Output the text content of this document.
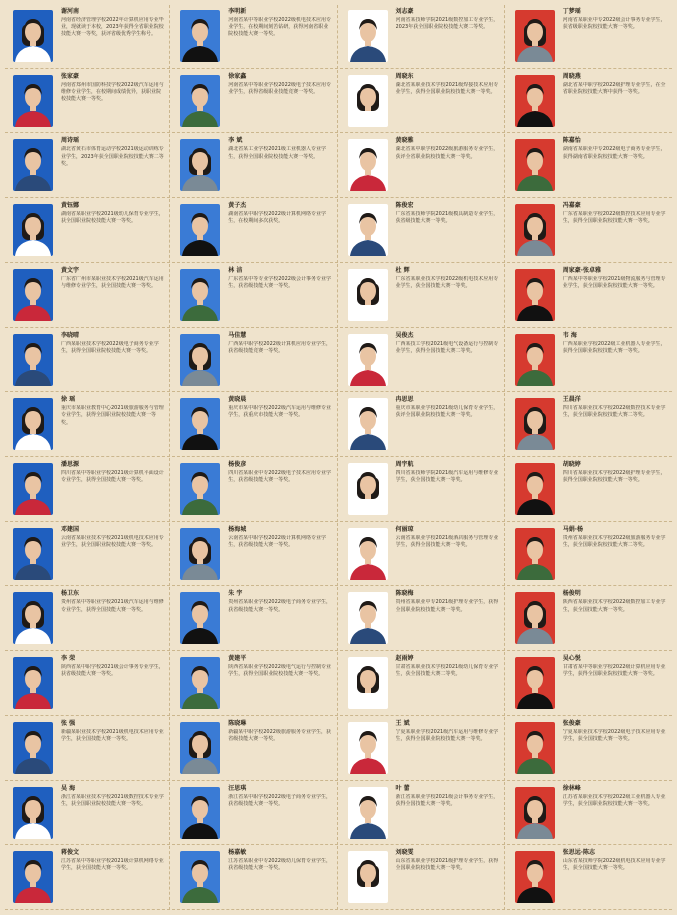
谢河南
河南省经济管理学校2022年计算机应用专业毕业，现就读于本校，2023年获得全省职业院校技能大赛一等奖，获评省级优秀学生称号。
李明新
河南省某中等职业学校2022级机电技术应用专业学生，在校期间刻苦钻研，获得河南省职业院校技能大赛一等奖。
刘志豪
河南省某技师学院2021级数控加工专业学生，2023年获全国职业院校技能大赛二等奖。
丁梦瑶
河南省某职业中专2022级会计事务专业学生，获省级职业院校技能大赛一等奖。
张家豪
河南省郑州市国防科技学校2022级汽车运用与维修专业学生，在校期间成绩优异，获职业院校技能大赛一等奖。
徐家鑫
河南省某中等职业学校2022级电子技术应用专业学生，获得省级职业技能竞赛一等奖。
周晓东
湖北省某职业技术学校2021级焊接技术应用专业学生，获得全国职业院校技能大赛一等奖。
周晓燕
湖北省某中职学校2022级护理专业学生，在全省职业院校技能大赛中获得一等奖。
周诗瑶
湖北省黄石市体育运动学校2021级运动训练专业学生，2023年获全国职业院校技能大赛二等奖。
李 斌
湖北省某工业学校2021级工业机器人专业学生，获得全国职业院校技能大赛一等奖。
黄晓雅
湖北省某中职学校2022级旅游服务专业学生，获评全省职业院校技能大赛一等奖。
陈嘉怡
湖南省某职业中专2022级电子商务专业学生，获得湖南省职业院校技能大赛一等奖。
黄钰娜
湖南省某职业学校2021级幼儿保育专业学生，获全国职业院校技能大赛一等奖。
黄子杰
湖南省某中职学校2022级计算机网络专业学生，在校期间多次获奖。
陈俊宏
广东省某技师学院2021级模具制造专业学生，获省级技能大赛一等奖。
冯嘉豪
广东省某职业学校2022级数控技术应用专业学生，获得全国职业院校技能大赛一等奖。
黄文宇
广东省广州市某职业技术学校2021级汽车运用与维修专业学生，获全国技能大赛一等奖。
林 洁
广东省某中等专业学校2022级会计事务专业学生，获省级技能大赛一等奖。
杜 辉
广东省某职业技术学校2022级机电技术应用专业学生，获全国技能大赛一等奖。
周家豪·张卓雅
广西某中等职业学校2021级物流服务与管理专业学生，获全国职业院校技能大赛一等奖。
李晓晴
广西某职业技术学校2022级电子商务专业学生，获得全国职业院校技能大赛一等奖。
马佳慧
广西某中职学校2022级计算机应用专业学生，获省级技能竞赛一等奖。
吴俊杰
广西某技工学校2021级电气设备运行与控制专业学生，获得全国技能大赛二等奖。
韦 海
广西某职业学校2022级工业机器人专业学生，获得全国职业院校技能大赛一等奖。
徐 瑶
重庆市某职业教育中心2021级旅游服务与管理专业学生，获得全国职业院校技能大赛一等奖。
黄晓晨
重庆市某中职学校2022级汽车运用与维修专业学生，获重庆市技能大赛一等奖。
冉思思
重庆市某职业学校2021级幼儿保育专业学生，获评全国职业院校技能大赛一等奖。
王晨洋
四川省某职业技术学校2022级数控技术专业学生，获全国职业院校技能大赛二等奖。
潘思源
四川省某中等职业学校2021级计算机平面设计专业学生，获得全国技能大赛一等奖。
杨俊彦
四川省某职业中专2022级电子技术应用专业学生，获省级技能大赛一等奖。
周宇航
四川省某技师学院2021级汽车运用与维修专业学生，获全国技能大赛一等奖。
胡晓婷
四川省某职业技术学校2022级护理专业学生，获得全国职业院校技能大赛一等奖。
邓建国
云南省某职业技术学校2021级机电技术应用专业学生，获全国职业院校技能大赛一等奖。
杨海城
云南省某中职学校2022级计算机网络专业学生，获省级技能大赛一等奖。
何丽琼
云南省某职业学校2021级酒店服务与管理专业学生，获得全国技能大赛一等奖。
马娟·杨
贵州省某职业技术学校2022级旅游服务专业学生，获全国职业院校技能大赛二等奖。
杨卫东
贵州省某中等职业学校2021级汽车运用与维修专业学生，获得全国技能大赛一等奖。
朱 宇
贵州省某职业学校2022级电子商务专业学生，获省级技能大赛一等奖。
陈晓梅
贵州省某职业中专2021级护理专业学生，获得全国职业院校技能大赛一等奖。
杨俊明
陕西省某职业技术学校2022级数控加工专业学生，获全国技能大赛一等奖。
李 荣
陕西省某中职学校2021级会计事务专业学生，获省级技能大赛一等奖。
黄建平
陕西省某职业学校2022级电气运行与控制专业学生，获得全国职业院校技能大赛一等奖。
赵雨婷
甘肃省某职业技术学校2021级幼儿保育专业学生，获全国技能大赛二等奖。
吴心悦
甘肃省某中等职业学校2022级计算机应用专业学生，获得全国职业院校技能大赛一等奖。
张 强
新疆某职业技术学校2021级机电技术应用专业学生，获全国技能大赛一等奖。
陈晓琳
新疆某中职学校2022级旅游服务专业学生，获省级技能大赛一等奖。
王 斌
宁夏某职业学校2021级汽车运用与维修专业学生，获得全国职业院校技能大赛一等奖。
张俊豪
宁夏某职业技术学校2022级电子技术应用专业学生，获全国技能大赛一等奖。
吴 海
浙江省某职业技术学校2021级数控技术专业学生，获全国职业院校技能大赛一等奖。
汪思琪
浙江省某中职学校2022级电子商务专业学生，获省级技能大赛一等奖。
叶 蕾
浙江省某职业学校2021级会计事务专业学生，获得全国技能大赛一等奖。
徐林峰
江苏省某职业技术学校2022级工业机器人专业学生，获全国职业院校技能大赛一等奖。
蒋俊文
江苏省某中等职业学校2021级计算机网络专业学生，获全国技能大赛一等奖。
杨嘉敏
江苏省某职业中专2022级幼儿保育专业学生，获省级技能大赛一等奖。
刘晓雯
山东省某职业学校2021级护理专业学生，获得全国职业院校技能大赛一等奖。
张思远·陈志
山东省某技师学院2022级机电技术应用专业学生，获全国技能大赛一等奖。
